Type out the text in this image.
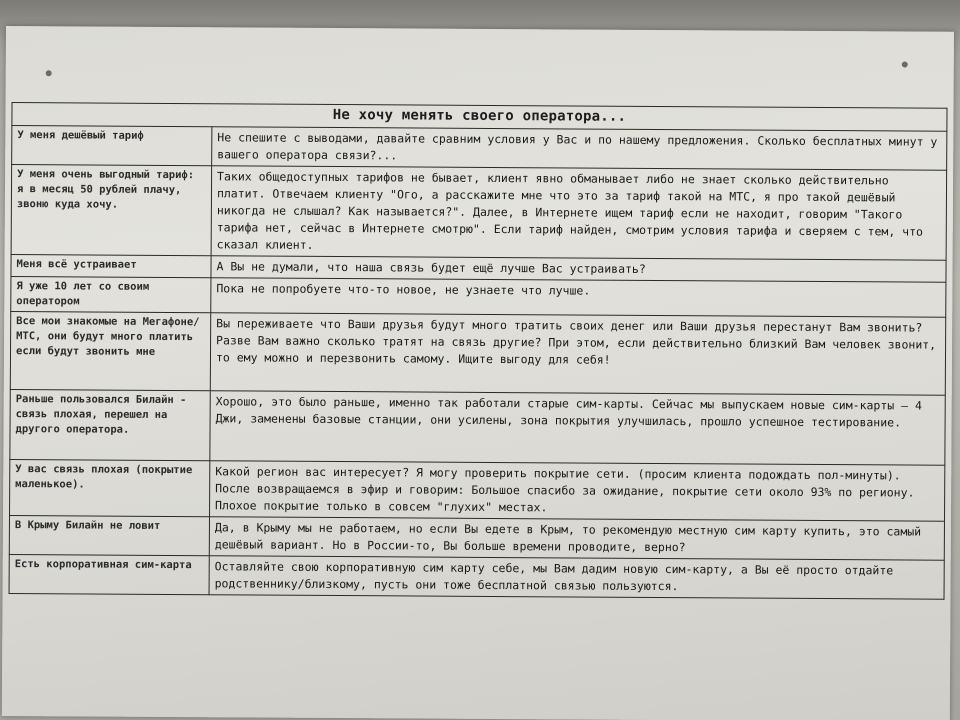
Не хочу менять своего оператора...	
У меня дешёвый тариф	Не спешите с выводами, давайте сравним условия у Вас и по нашему предложения. Сколько бесплатных минут у вашего оператора связи?...
У меня очень выгодный тариф: я в месяц 50 рублей плачу, звоню куда хочу.	Таких общедоступных тарифов не бывает, клиент явно обманывает либо не знает сколько действительно платит. Отвечаем клиенту "Ого, а расскажите мне что это за тариф такой на МТС, я про такой дешёвый никогда не слышал? Как называется?". Далее, в Интернете ищем тариф если не находит, говорим "Такого тарифа нет, сейчас в Интернете смотрю". Если тариф найден, смотрим условия тарифа и сверяем с тем, что сказал клиент.
Меня всё устраивает	А Вы не думали, что наша связь будет ещё лучше Вас устраивать?
Я уже 10 лет со своим оператором	Пока не попробуете что-то новое, не узнаете что лучше.
Все мои знакомые на Мегафоне/МТС, они будут много платить если будут звонить мне	Вы переживаете что Ваши друзья будут много тратить своих денег или Ваши друзья перестанут Вам звонить? Разве Вам важно сколько тратят на связь другие? При этом, если действительно близкий Вам человек звонит, то ему можно и перезвонить самому. Ищите выгоду для себя!
Раньше пользовался Билайн - связь плохая, перешел на другого оператора.	Хорошо, это было раньше, именно так работали старые сим-карты. Сейчас мы выпускаем новые сим-карты – 4 Джи, заменены базовые станции, они усилены, зона покрытия улучшилась, прошло успешное тестирование.
У вас связь плохая (покрытие маленькое).	Какой регион вас интересует? Я могу проверить покрытие сети. (просим клиента подождать пол-минуты). После возвращаемся в эфир и говорим: Большое спасибо за ожидание, покрытие сети около 93% по региону. Плохое покрытие только в совсем "глухих" местах.
В Крыму Билайн не ловит	Да, в Крыму мы не работаем, но если Вы едете в Крым, то рекомендую местную сим карту купить, это самый дешёвый вариант. Но в России-то, Вы больше времени проводите, верно?
Есть корпоративная сим-карта	Оставляйте свою корпоративную сим карту себе, мы Вам дадим новую сим-карту, а Вы её просто отдайте родственнику/близкому, пусть они тоже бесплатной связью пользуются.
